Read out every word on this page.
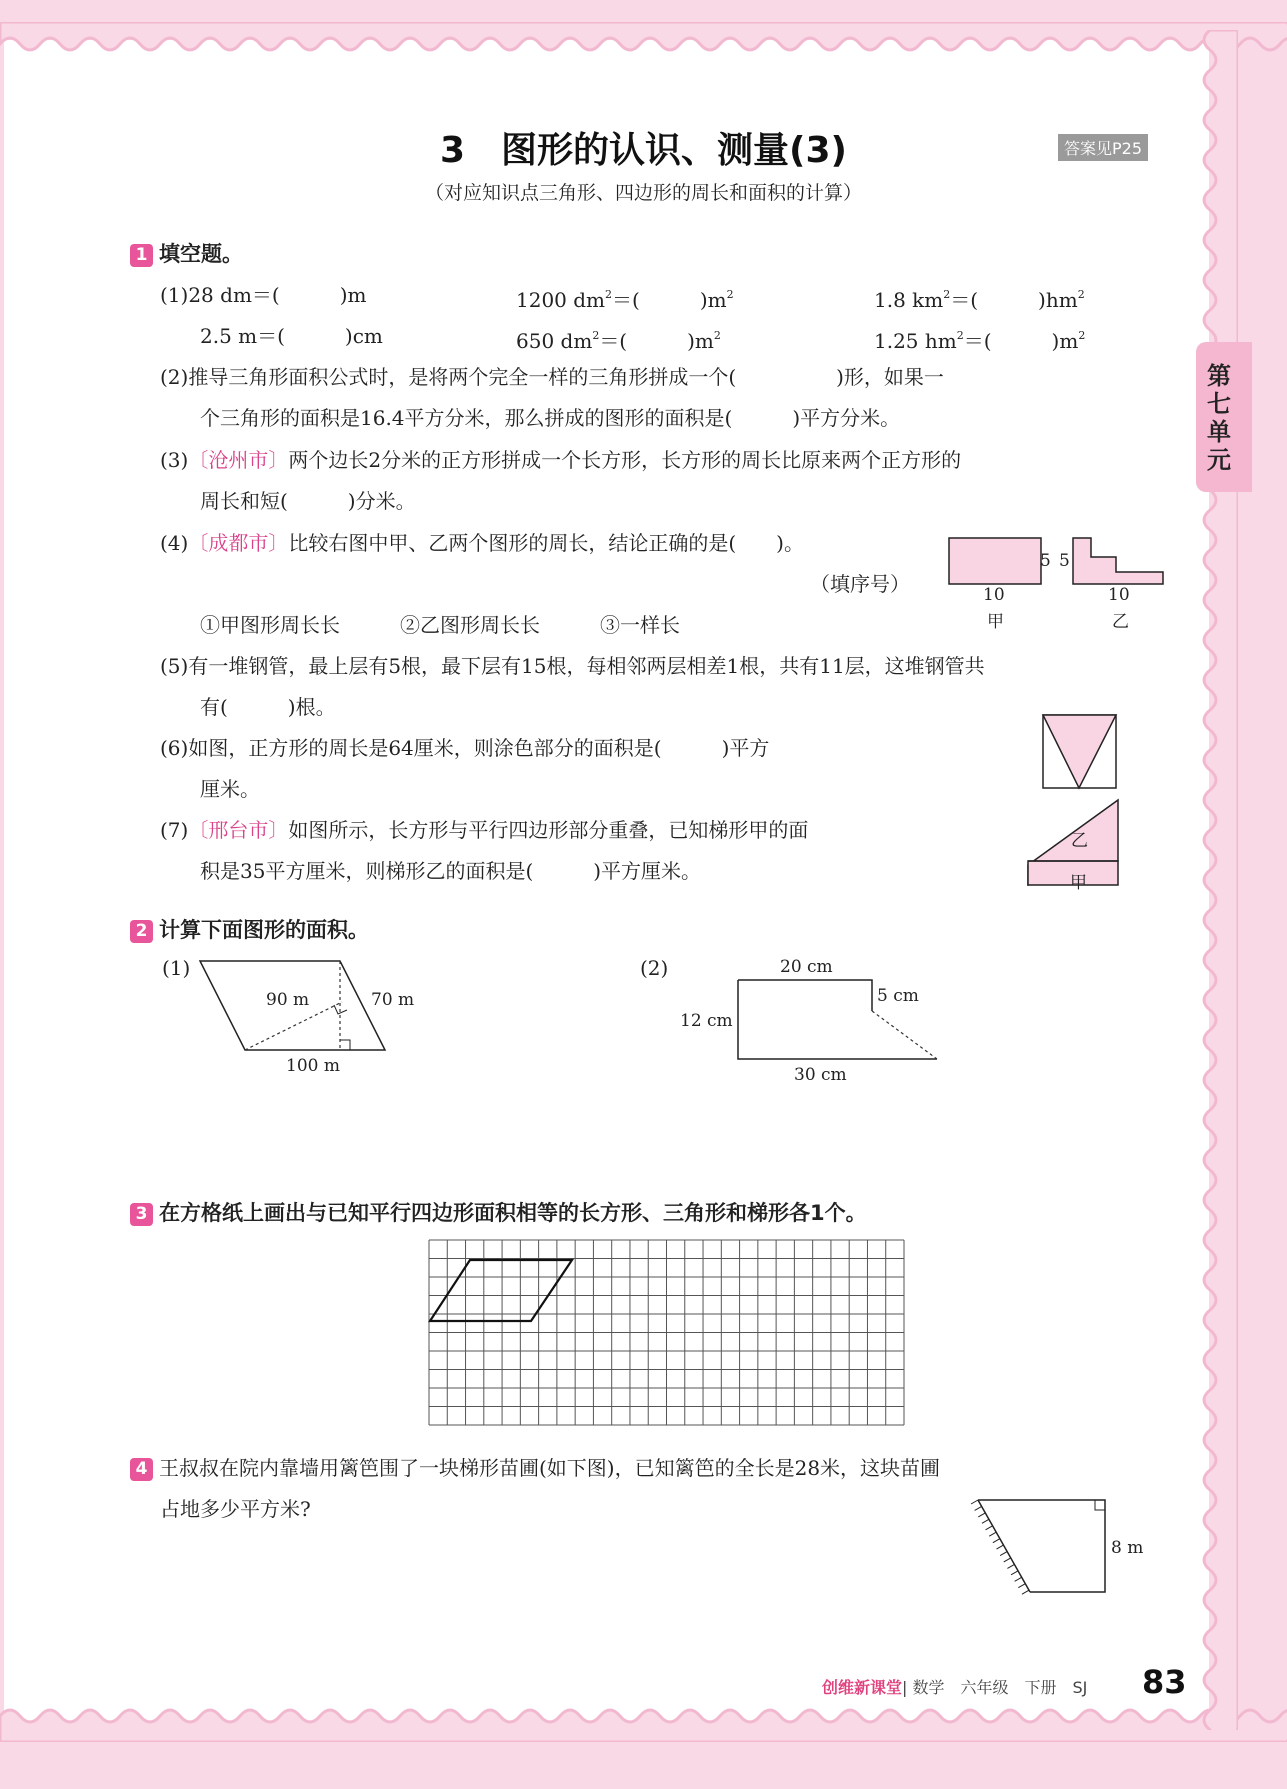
3　图形的认识、测量(3)	答案见P25
（对应知识点三角形、四边形的周长和面积的计算）
第七单元
1 填空题。
(1)28 dm＝(　　　)m	1200 $dm^2=$(　　　)$m^2$	1.8 $km^2=$(　　　)$hm^2$
2.5 m＝(　　　)cm	650 $dm^2=$(　　　)$m^2$	1.25 $hm^2=$(　　　)$m^2$
(2)推导三角形面积公式时，是将两个完全一样的三角形拼成一个(　　　　　)形，如果一
个三角形的面积是16.4平方分米，那么拼成的图形的面积是(　　　)平方分米。
(3)〔沧州市〕两个边长2分米的正方形拼成一个长方形，长方形的周长比原来两个正方形的
周长和短(　　　)分米。
(4)〔成都市〕比较右图中甲、乙两个图形的周长，结论正确的是(　　)。
（填序号）
①甲图形周长长　　　②乙图形周长长　　　③一样长
5 5
10	10
甲	乙
(5)有一堆钢管，最上层有5根，最下层有15根，每相邻两层相差1根，共有11层，这堆钢管共
有(　　　)根。
(6)如图，正方形的周长是64厘米，则涂色部分的面积是(　　　)平方
厘米。
(7)〔邢台市〕如图所示，长方形与平行四边形部分重叠，已知梯形甲的面
积是35平方厘米，则梯形乙的面积是(　　　)平方厘米。
乙
甲
2 计算下面图形的面积。
(1)
90 m	70 m
100 m
(2)	20 cm
12 cm
5 cm
30 cm
3 在方格纸上画出与已知平行四边形面积相等的长方形、三角形和梯形各1个。
4 王叔叔在院内靠墙用篱笆围了一块梯形苗圃(如下图)，已知篱笆的全长是28米，这块苗圃
占地多少平方米?
8 m
创维新课堂| 数学　六年级　下册　SJ 83
